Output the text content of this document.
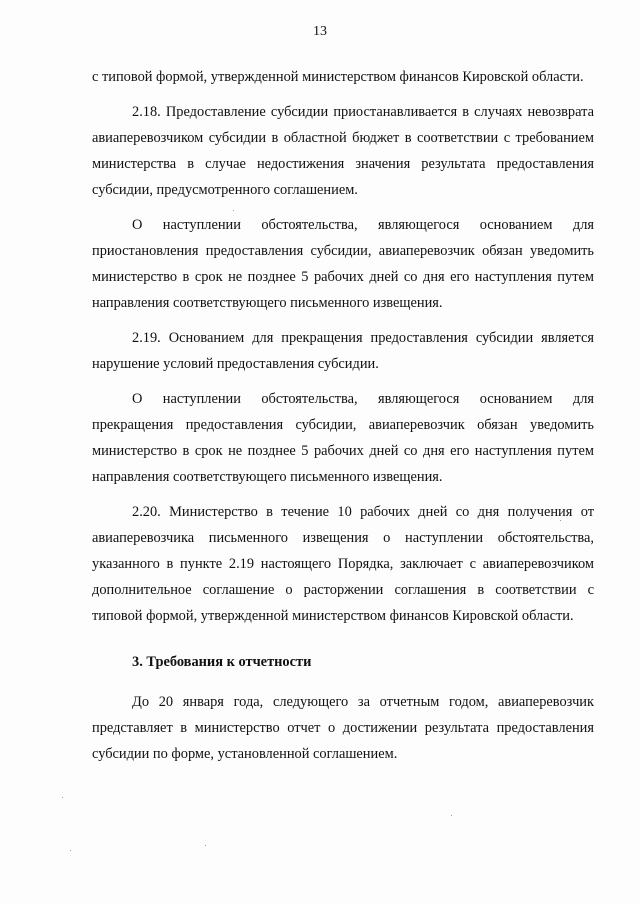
13

с типовой формой, утвержденной министерством финансов Кировской области.

2.18. Предоставление субсидии приостанавливается в случаях невозврата авиаперевозчиком субсидии в областной бюджет в соответствии с требованием министерства в случае недостижения значения результата предоставления субсидии, предусмотренного соглашением.

О наступлении обстоятельства, являющегося основанием для приостановления предоставления субсидии, авиаперевозчик обязан уведомить министерство в срок не позднее 5 рабочих дней со дня его наступления путем направления соответствующего письменного извещения.

2.19. Основанием для прекращения предоставления субсидии является нарушение условий предоставления субсидии.

О наступлении обстоятельства, являющегося основанием для прекращения предоставления субсидии, авиаперевозчик обязан уведомить министерство в срок не позднее 5 рабочих дней со дня его наступления путем направления соответствующего письменного извещения.

2.20. Министерство в течение 10 рабочих дней со дня получения от авиаперевозчика письменного извещения о наступлении обстоятельства, указанного в пункте 2.19 настоящего Порядка, заключает с авиаперевозчиком дополнительное соглашение о расторжении соглашения в соответствии с типовой формой, утвержденной министерством финансов Кировской области.

3. Требования к отчетности

До 20 января года, следующего за отчетным годом, авиаперевозчик представляет в министерство отчет о достижении результата предоставления субсидии по форме, установленной соглашением.
